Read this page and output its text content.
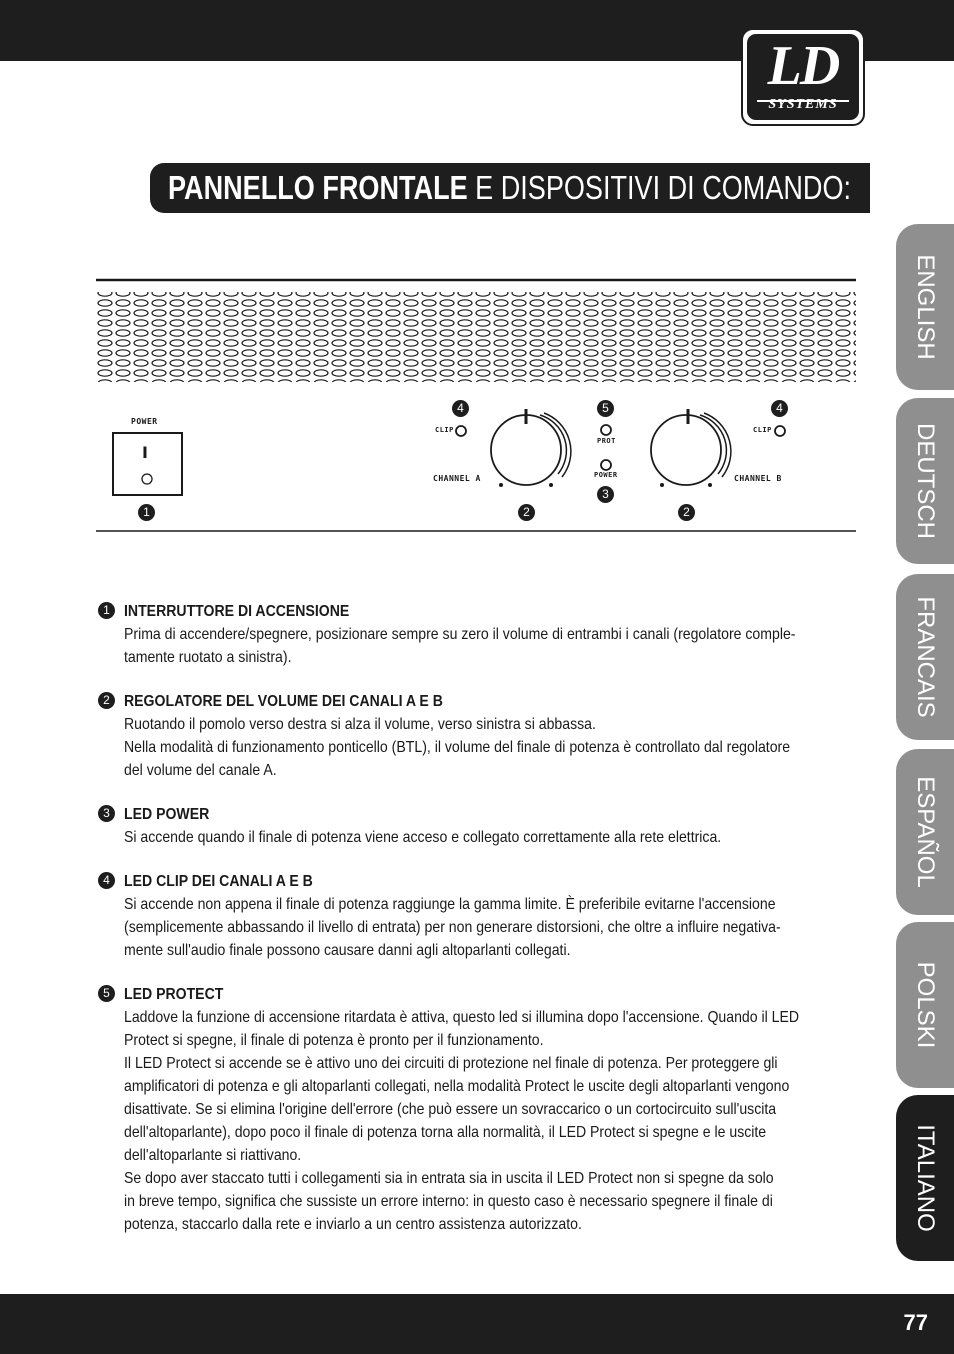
LD
SYSTEMS
PANNELLO FRONTALE E DISPOSITIVI DI COMANDO:
ENGLISH
DEUTSCH
FRANCAIS
ESPAÑOL
POLSKI
ITALIANO
POWER
I
CLIP
PROT
POWER
CLIP
CHANNEL A	CHANNEL B
1	2	2
3
4	4
5
1 INTERRUTTORE DI ACCENSIONE
Prima di accendere/spegnere, posizionare sempre su zero il volume di entrambi i canali (regolatore comple-
tamente ruotato a sinistra).
2 REGOLATORE DEL VOLUME DEI CANALI A E B
Ruotando il pomolo verso destra si alza il volume, verso sinistra si abbassa.
Nella modalità di funzionamento ponticello (BTL), il volume del finale di potenza è controllato dal regolatore
del volume del canale A.
3 LED POWER
Si accende quando il finale di potenza viene acceso e collegato correttamente alla rete elettrica.
4 LED CLIP DEI CANALI A E B
Si accende non appena il finale di potenza raggiunge la gamma limite. È preferibile evitarne l'accensione
(semplicemente abbassando il livello di entrata) per non generare distorsioni, che oltre a influire negativa-
mente sull'audio finale possono causare danni agli altoparlanti collegati.
5 LED PROTECT
Laddove la funzione di accensione ritardata è attiva, questo led si illumina dopo l'accensione. Quando il LED
Protect si spegne, il finale di potenza è pronto per il funzionamento.
Il LED Protect si accende se è attivo uno dei circuiti di protezione nel finale di potenza. Per proteggere gli
amplificatori di potenza e gli altoparlanti collegati, nella modalità Protect le uscite degli altoparlanti vengono
disattivate. Se si elimina l'origine dell'errore (che può essere un sovraccarico o un cortocircuito sull'uscita
dell'altoparlante), dopo poco il finale di potenza torna alla normalità, il LED Protect si spegne e le uscite
dell'altoparlante si riattivano.
Se dopo aver staccato tutti i collegamenti sia in entrata sia in uscita il LED Protect non si spegne da solo
in breve tempo, significa che sussiste un errore interno: in questo caso è necessario spegnere il finale di
potenza, staccarlo dalla rete e inviarlo a un centro assistenza autorizzato.
77
